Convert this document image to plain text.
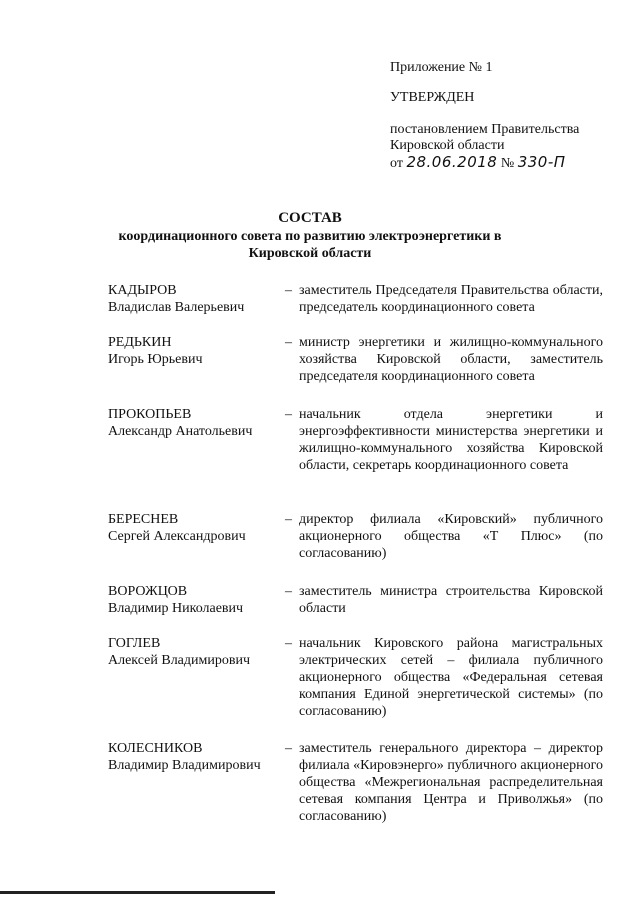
Приложение № 1
УТВЕРЖДЕН
постановлением Правительства
Кировской области
от 28.06.2018 № 330-П
СОСТАВ
координационного совета по развитию электроэнергетики в Кировской области
КАДЫРОВ
Владислав Валерьевич
– заместитель Председателя Правительства области, председатель координационного совета
РЕДЬКИН
Игорь Юрьевич
– министр энергетики и жилищно-коммунального хозяйства Кировской области, заместитель председателя координационного совета
ПРОКОПЬЕВ
Александр Анатольевич
– начальник отдела энергетики и энергоэффективности министерства энергетики и жилищно-коммунального хозяйства Кировской области, секретарь координационного совета
БЕРЕСНЕВ
Сергей Александрович
– директор филиала «Кировский» публичного акционерного общества «Т Плюс» (по согласованию)
ВОРОЖЦОВ
Владимир Николаевич
– заместитель министра строительства Кировской области
ГОГЛЕВ
Алексей Владимирович
– начальник Кировского района магистральных электрических сетей – филиала публичного акционерного общества «Федеральная сетевая компания Единой энергетической системы» (по согласованию)
КОЛЕСНИКОВ
Владимир Владимирович
– заместитель генерального директора – директор филиала «Кировэнерго» публичного акционерного общества «Межрегиональная распределительная сетевая компания Центра и Приволжья» (по согласованию)
